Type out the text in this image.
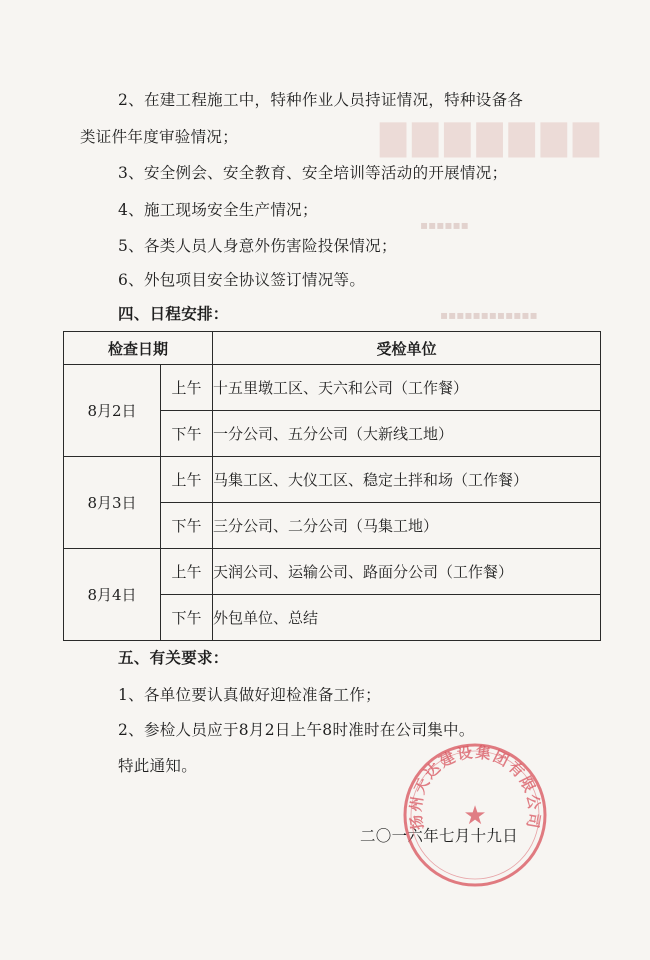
▇▇▇▇▇▇▇
▪▪▪▪▪▪
▪▪▪▪▪▪▪▪▪▪▪▪
2、在建工程施工中，特种作业人员持证情况，特种设备各
类证件年度审验情况；
3、安全例会、安全教育、安全培训等活动的开展情况；
4、施工现场安全生产情况；
5、各类人员人身意外伤害险投保情况；
6、外包项目安全协议签订情况等。
四、日程安排：
检查日期		受检单位
8月2日	上午	十五里墩工区、天六和公司（工作餐）
	下午	一分公司、五分公司（大新线工地）
8月3日	上午	马集工区、大仪工区、稳定土拌和场（工作餐）
	下午	三分公司、二分公司（马集工地）
8月4日	上午	天润公司、运输公司、路面分公司（工作餐）
	下午	外包单位、总结
五、有关要求：
1、各单位要认真做好迎检准备工作；
2、参检人员应于8月2日上午8时准时在公司集中。
特此通知。
二〇一六年七月十九日
扬州天达建设集团有限公司
★
